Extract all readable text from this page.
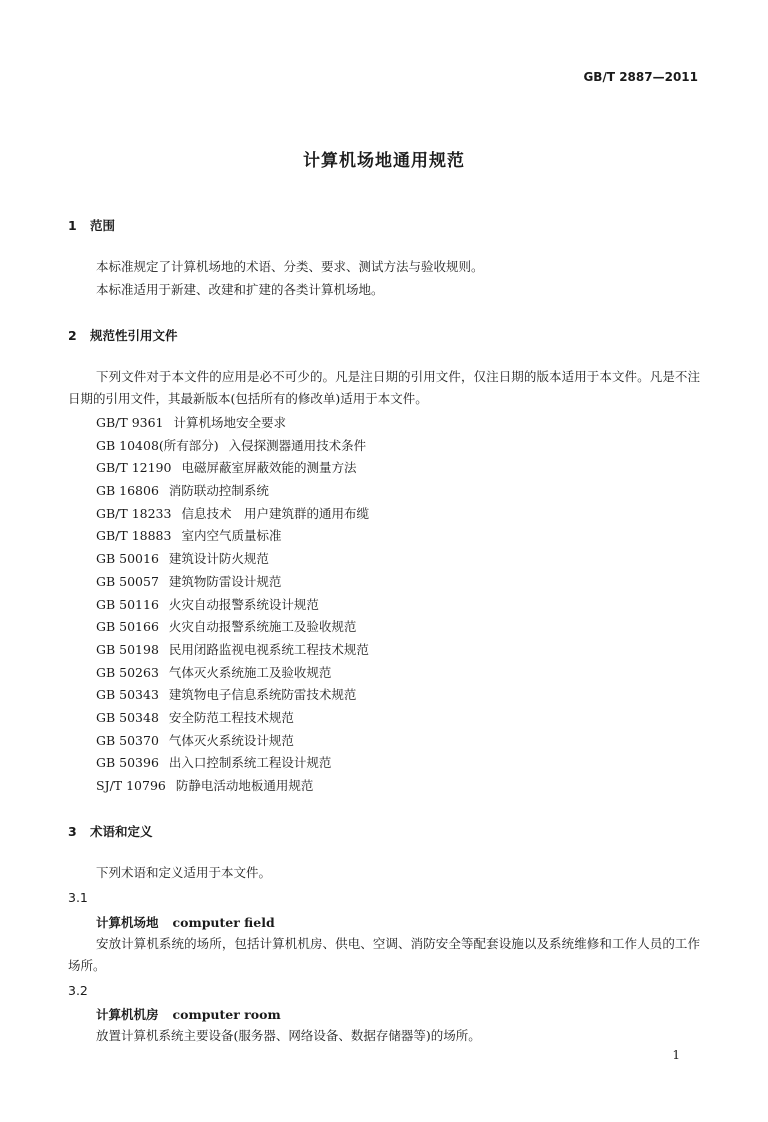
GB/T 2887—2011
计算机场地通用规范
1 范围
本标准规定了计算机场地的术语、分类、要求、测试方法与验收规则。
本标准适用于新建、改建和扩建的各类计算机场地。
2 规范性引用文件
下列文件对于本文件的应用是必不可少的。凡是注日期的引用文件，仅注日期的版本适用于本文件。凡是不注日期的引用文件，其最新版本(包括所有的修改单)适用于本文件。
GB/T 9361 计算机场地安全要求
GB 10408(所有部分) 入侵探测器通用技术条件
GB/T 12190 电磁屏蔽室屏蔽效能的测量方法
GB 16806 消防联动控制系统
GB/T 18233 信息技术　用户建筑群的通用布缆
GB/T 18883 室内空气质量标准
GB 50016 建筑设计防火规范
GB 50057 建筑物防雷设计规范
GB 50116 火灾自动报警系统设计规范
GB 50166 火灾自动报警系统施工及验收规范
GB 50198 民用闭路监视电视系统工程技术规范
GB 50263 气体灭火系统施工及验收规范
GB 50343 建筑物电子信息系统防雷技术规范
GB 50348 安全防范工程技术规范
GB 50370 气体灭火系统设计规范
GB 50396 出入口控制系统工程设计规范
SJ/T 10796 防静电活动地板通用规范
3 术语和定义
下列术语和定义适用于本文件。
3.1
计算机场地 computer field
安放计算机系统的场所，包括计算机机房、供电、空调、消防安全等配套设施以及系统维修和工作人员的工作场所。
3.2
计算机机房 computer room
放置计算机系统主要设备(服务器、网络设备、数据存储器等)的场所。
1
